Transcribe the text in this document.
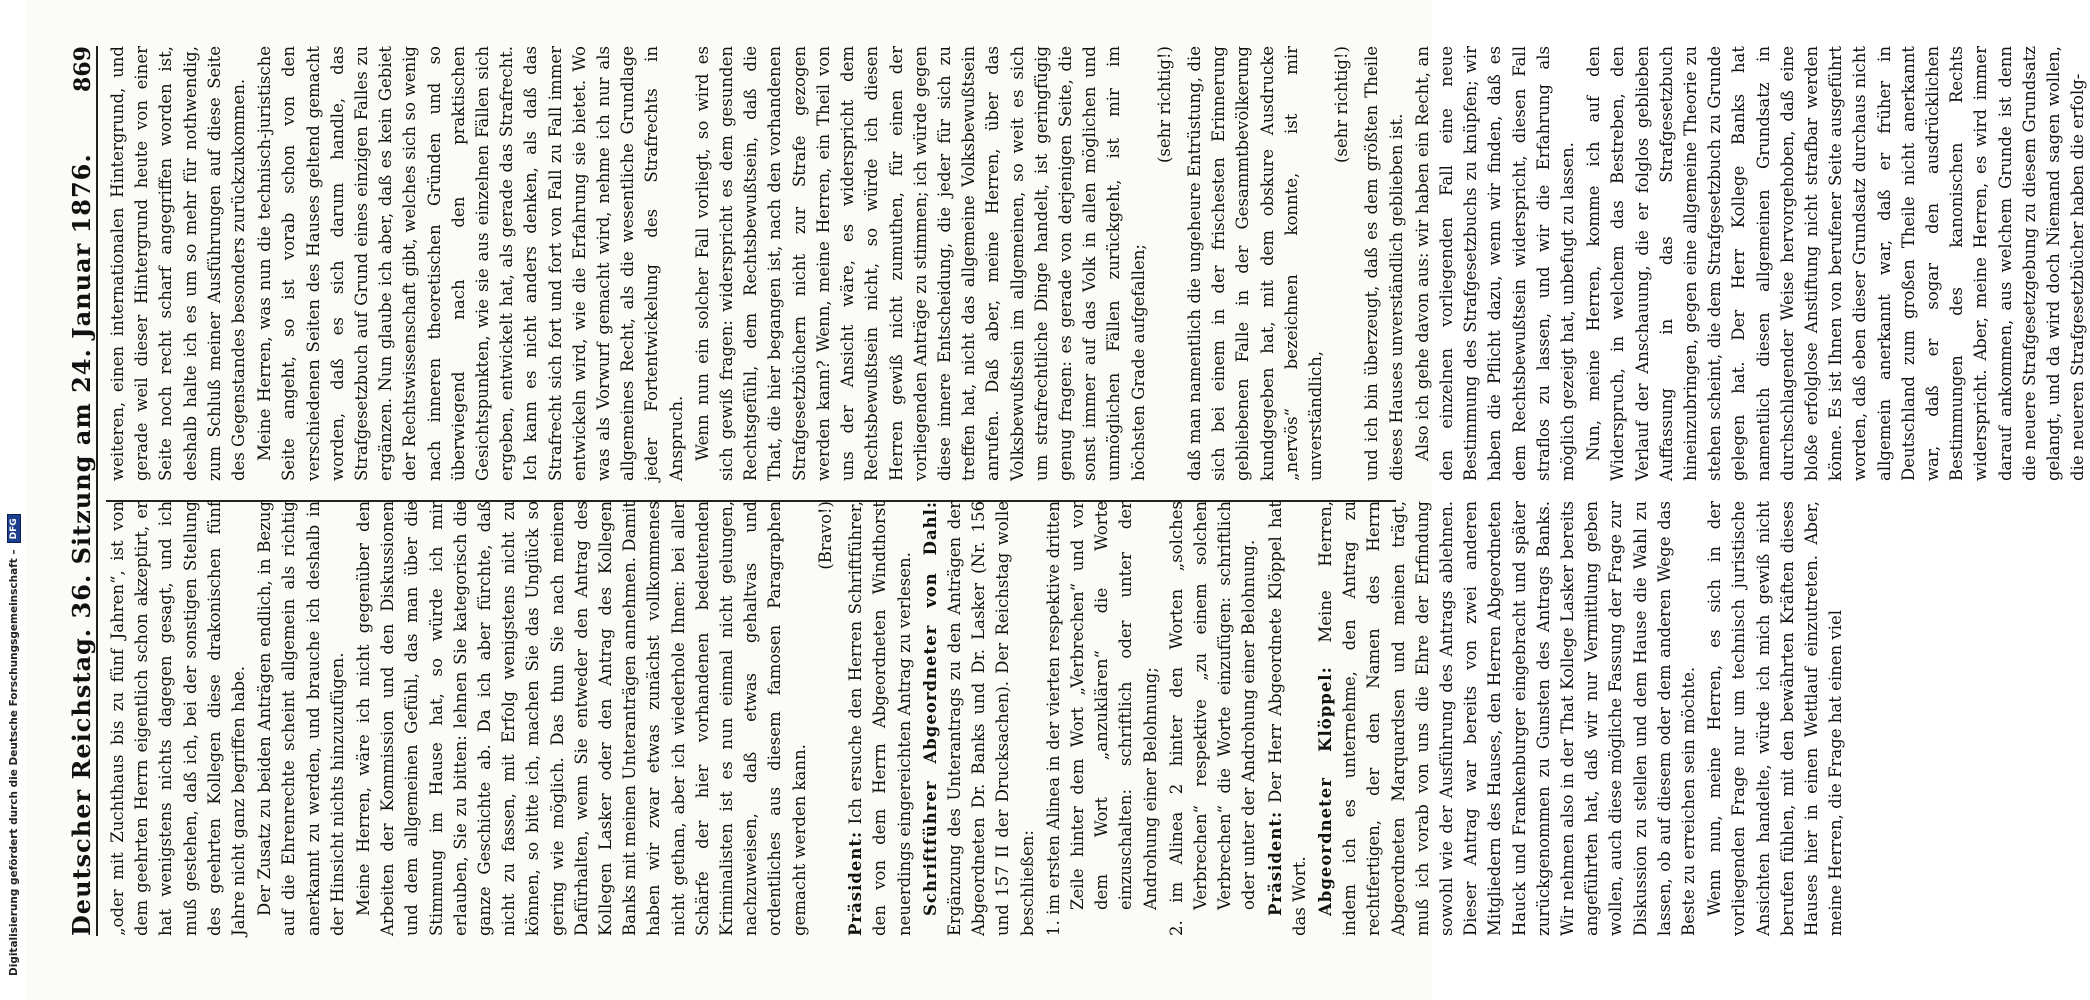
Digitalisierung gefördert durch die Deutsche Forschungsgemeinschaft –
DFG Deutscher Reichstag. 36. Sitzung am 24. Januar 1876.
869

„oder mit Zuchthaus bis zu fünf Jahren“, ist von dem geehrten Herrn eigentlich schon akzeptirt, er hat wenigstens nichts dagegen gesagt, und ich muß gestehen, daß ich, bei der sonstigen Stellung des geehrten Kollegen diese drakonischen fünf Jahre nicht ganz begriffen habe. Der Zusatz zu beiden Anträgen endlich, in Bezug auf die Ehrenrechte scheint allgemein als richtig anerkannt zu werden, und brauche ich deshalb in der Hinsicht nichts hinzuzufügen. Meine Herren, wäre ich nicht gegenüber den Arbeiten der Kommission und den Diskussionen und dem allgemeinen Gefühl, das man über die Stimmung im Hause hat, so würde ich mir erlauben, Sie zu bitten: lehnen Sie kategorisch die ganze Geschichte ab. Da ich aber fürchte, daß nicht zu fassen, mit Erfolg wenigstens nicht zu können, so bitte ich, machen Sie das Unglück so gering wie möglich. Das thun Sie nach meinen Dafürhalten, wenn Sie entweder den Antrag des Kollegen Lasker oder den Antrag des Kollegen Banks mit meinen Unteranträgen annehmen. Damit haben wir zwar etwas zunächst vollkommenes nicht gethan, aber ich wiederhole Ihnen: bei aller Schärfe der hier vorhandenen bedeutenden Kriminalisten ist es nun einmal nicht gelungen, nachzuweisen, daß etwas gehaltvas und ordentliches aus diesem famosen Paragraphen gemacht werden kann.

(Bravo!)

Präsident: Ich ersuche den Herren Schriftführer, den von dem Herrn Abgeordneten Windthorst neuerdings eingereichten Antrag zu verlesen. Schriftführer Abgeordneter von Dahl: Ergänzung des Unterantrags zu den Anträgen der Abgeordneten Dr. Banks und Dr. Lasker (Nr. 156 und 157 II der Drucksachen). Der Reichstag wolle beschließen: 1. im ersten Alinea in der vierten respektive dritten Zeile hinter dem Wort „Verbrechen“ und vor dem Wort „anzuklären“ die Worte einzuschalten: schriftlich oder unter der Androhung einer Belohnung; 2. im Alinea 2 hinter den Worten „solches Verbrechen“ respektive „zu einem solchen Verbrechen“ die Worte einzufügen: schriftlich oder unter der Androhung einer Belohnung. Präsident: Der Herr Abgeordnete Klöppel hat das Wort. Abgeordneter Klöppel: Meine Herren, indem ich es unternehme, den Antrag zu rechtfertigen, der den Namen des Herrn Abgeordneten Marquardsen und meinen trägt, muß ich vorab von uns die Ehre der Erfindung sowohl wie der Ausführung des Antrags ablehnen. Dieser Antrag war bereits von zwei anderen Mitgliedern des Hauses, den Herren Abgeordneten Hauck und Frankenburger eingebracht und später zurückgenommen zu Gunsten des Antrags Banks. Wir nehmen also in der That Kollege Lasker bereits angeführten hat, daß wir nur Vermittlung geben wollen, auch diese mögliche Fassung der Frage zur Diskussion zu stellen und dem Hause die Wahl zu lassen, ob auf diesem oder dem anderen Wege das Beste zu erreichen sein möchte. Wenn nun, meine Herren, es sich in der vorliegenden Frage nur um technisch juristische Ansichten handelte, würde ich mich gewiß nicht berufen fühlen, mit den bewährten Kräften dieses Hauses hier in einen Wettlauf einzutreten. Aber, meine Herren, die Frage hat einen viel

weiteren, einen internationalen Hintergrund, und gerade weil dieser Hintergrund heute von einer Seite noch recht scharf angegriffen worden ist, deshalb halte ich es um so mehr für nothwendig, zum Schluß meiner Ausführungen auf diese Seite des Gegenstandes besonders zurückzukommen. Meine Herren, was nun die technisch-juristische Seite angeht, so ist vorab schon von den verschiedenen Seiten des Hauses geltend gemacht worden, daß es sich darum handle, das Strafgesetzbuch auf Grund eines einzigen Falles zu ergänzen. Nun glaube ich aber, daß es kein Gebiet der Rechtswissenschaft gibt, welches sich so wenig nach inneren theoretischen Gründen und so überwiegend nach den praktischen Gesichtspunkten, wie sie aus einzelnen Fällen sich ergeben, entwickelt hat, als gerade das Strafrecht. Ich kann es nicht anders denken, als daß das Strafrecht sich fort und fort von Fall zu Fall immer entwickeln wird, wie die Erfahrung sie bietet. Wo was als Vorwurf gemacht wird, nehme ich nur als allgemeines Recht, als die wesentliche Grundlage jeder Fortentwickelung des Strafrechts in Anspruch. Wenn nun ein solcher Fall vorliegt, so wird es sich gewiß fragen: widerspricht es dem gesunden Rechtsgefühl, dem Rechtsbewußtsein, daß die That, die hier begangen ist, nach den vorhandenen Strafgesetzbüchern nicht zur Strafe gezogen werden kann? Wenn, meine Herren, ein Theil von uns der Ansicht wäre, es widerspricht dem Rechtsbewußtsein nicht, so würde ich diesen Herren gewiß nicht zumuthen, für einen der vorliegenden Anträge zu stimmen; ich würde gegen diese innere Entscheidung, die jeder für sich zu treffen hat, nicht das allgemeine Volksbewußtsein anrufen. Daß aber, meine Herren, über das Volksbewußtsein im allgemeinen, so weit es sich um strafrechtliche Dinge handelt, ist geringfügig genug fragen: es gerade von derjenigen Seite, die sonst immer auf das Volk in allen möglichen und unmöglichen Fällen zurückgeht, ist mir im höchsten Grade aufgefallen;

(sehr richtig!) daß man namentlich die ungeheure Entrüstung, die sich bei einem in der frischesten Erinnerung gebliebenen Falle in der Gesammtbevölkerung kundgegeben hat, mit dem obskure Ausdrucke „nervös“ bezeichnen konnte, ist mir unverständlich,

(sehr richtig!) und ich bin überzeugt, daß es dem größten Theile dieses Hauses unverständlich geblieben ist. Also ich gehe davon aus: wir haben ein Recht, an den einzelnen vorliegenden Fall eine neue Bestimmung des Strafgesetzbuchs zu knüpfen; wir haben die Pflicht dazu, wenn wir finden, daß es dem Rechtsbewußtsein widerspricht, diesen Fall straflos zu lassen, und wir die Erfahrung als möglich gezeigt hat, unbefugt zu lassen. Nun, meine Herren, komme ich auf den Widerspruch, in welchem das Bestreben, den Verlauf der Anschauung, die er folglos geblieben Auffassung in das Strafgesetzbuch hineinzubringen, gegen eine allgemeine Theorie zu stehen scheint, die dem Strafgesetzbuch zu Grunde gelegen hat. Der Herr Kollege Banks hat namentlich diesen allgemeinen Grundsatz in durchschlagender Weise hervorgehoben, daß eine bloße erfolglose Anstiftung nicht strafbar werden könne. Es ist Ihnen von berufener Seite ausgeführt worden, daß eben dieser Grundsatz durchaus nicht allgemein anerkannt war, daß er früher in Deutschland zum großen Theile nicht anerkannt war, daß er sogar den ausdrücklichen Bestimmungen des kanonischen Rechts widerspricht. Aber, meine Herren, es wird immer darauf ankommen, aus welchem Grunde ist denn die neuere Strafgesetzgebung zu diesem Grundsatz gelangt, und da wird doch Niemand sagen wollen, die neueren Strafgesetzbücher haben die erfolg-
